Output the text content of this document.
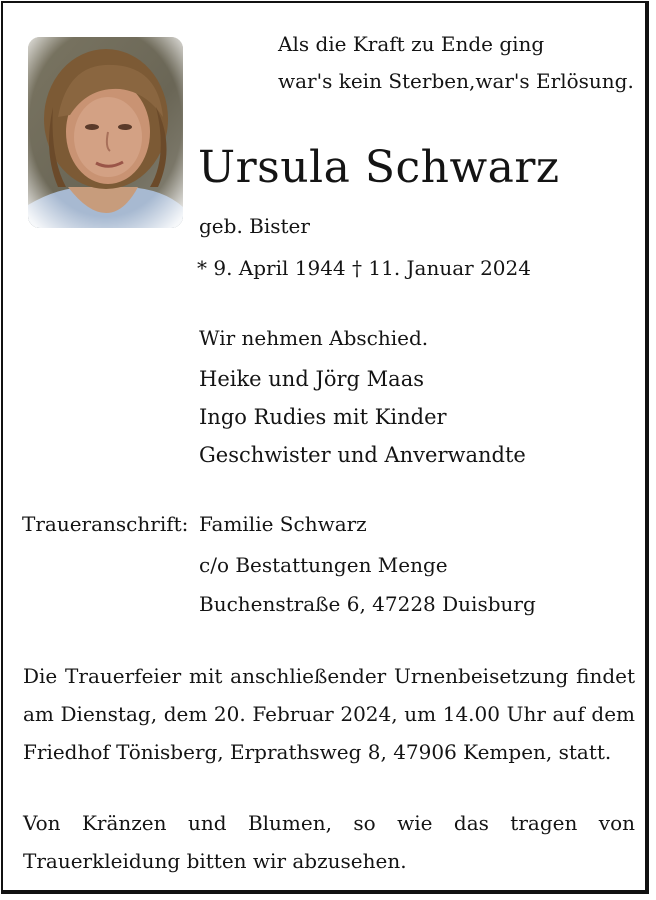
Als die Kraft zu Ende ging
war's kein Sterben,war's Erlösung.
Ursula Schwarz
geb. Bister
* 9. April 1944 † 11. Januar 2024
Wir nehmen Abschied.
Heike und Jörg Maas
Ingo Rudies mit Kinder
Geschwister und Anverwandte
Traueranschrift: Familie Schwarz
c/o Bestattungen Menge
Buchenstraße 6, 47228 Duisburg
Die Trauerfeier mit anschließender Urnenbeisetzung findet
am Dienstag, dem 20. Februar 2024, um 14.00 Uhr auf dem
Friedhof Tönisberg, Erprathsweg 8, 47906 Kempen, statt.
Von Kränzen und Blumen, so wie das tragen von
Trauerkleidung bitten wir abzusehen.
